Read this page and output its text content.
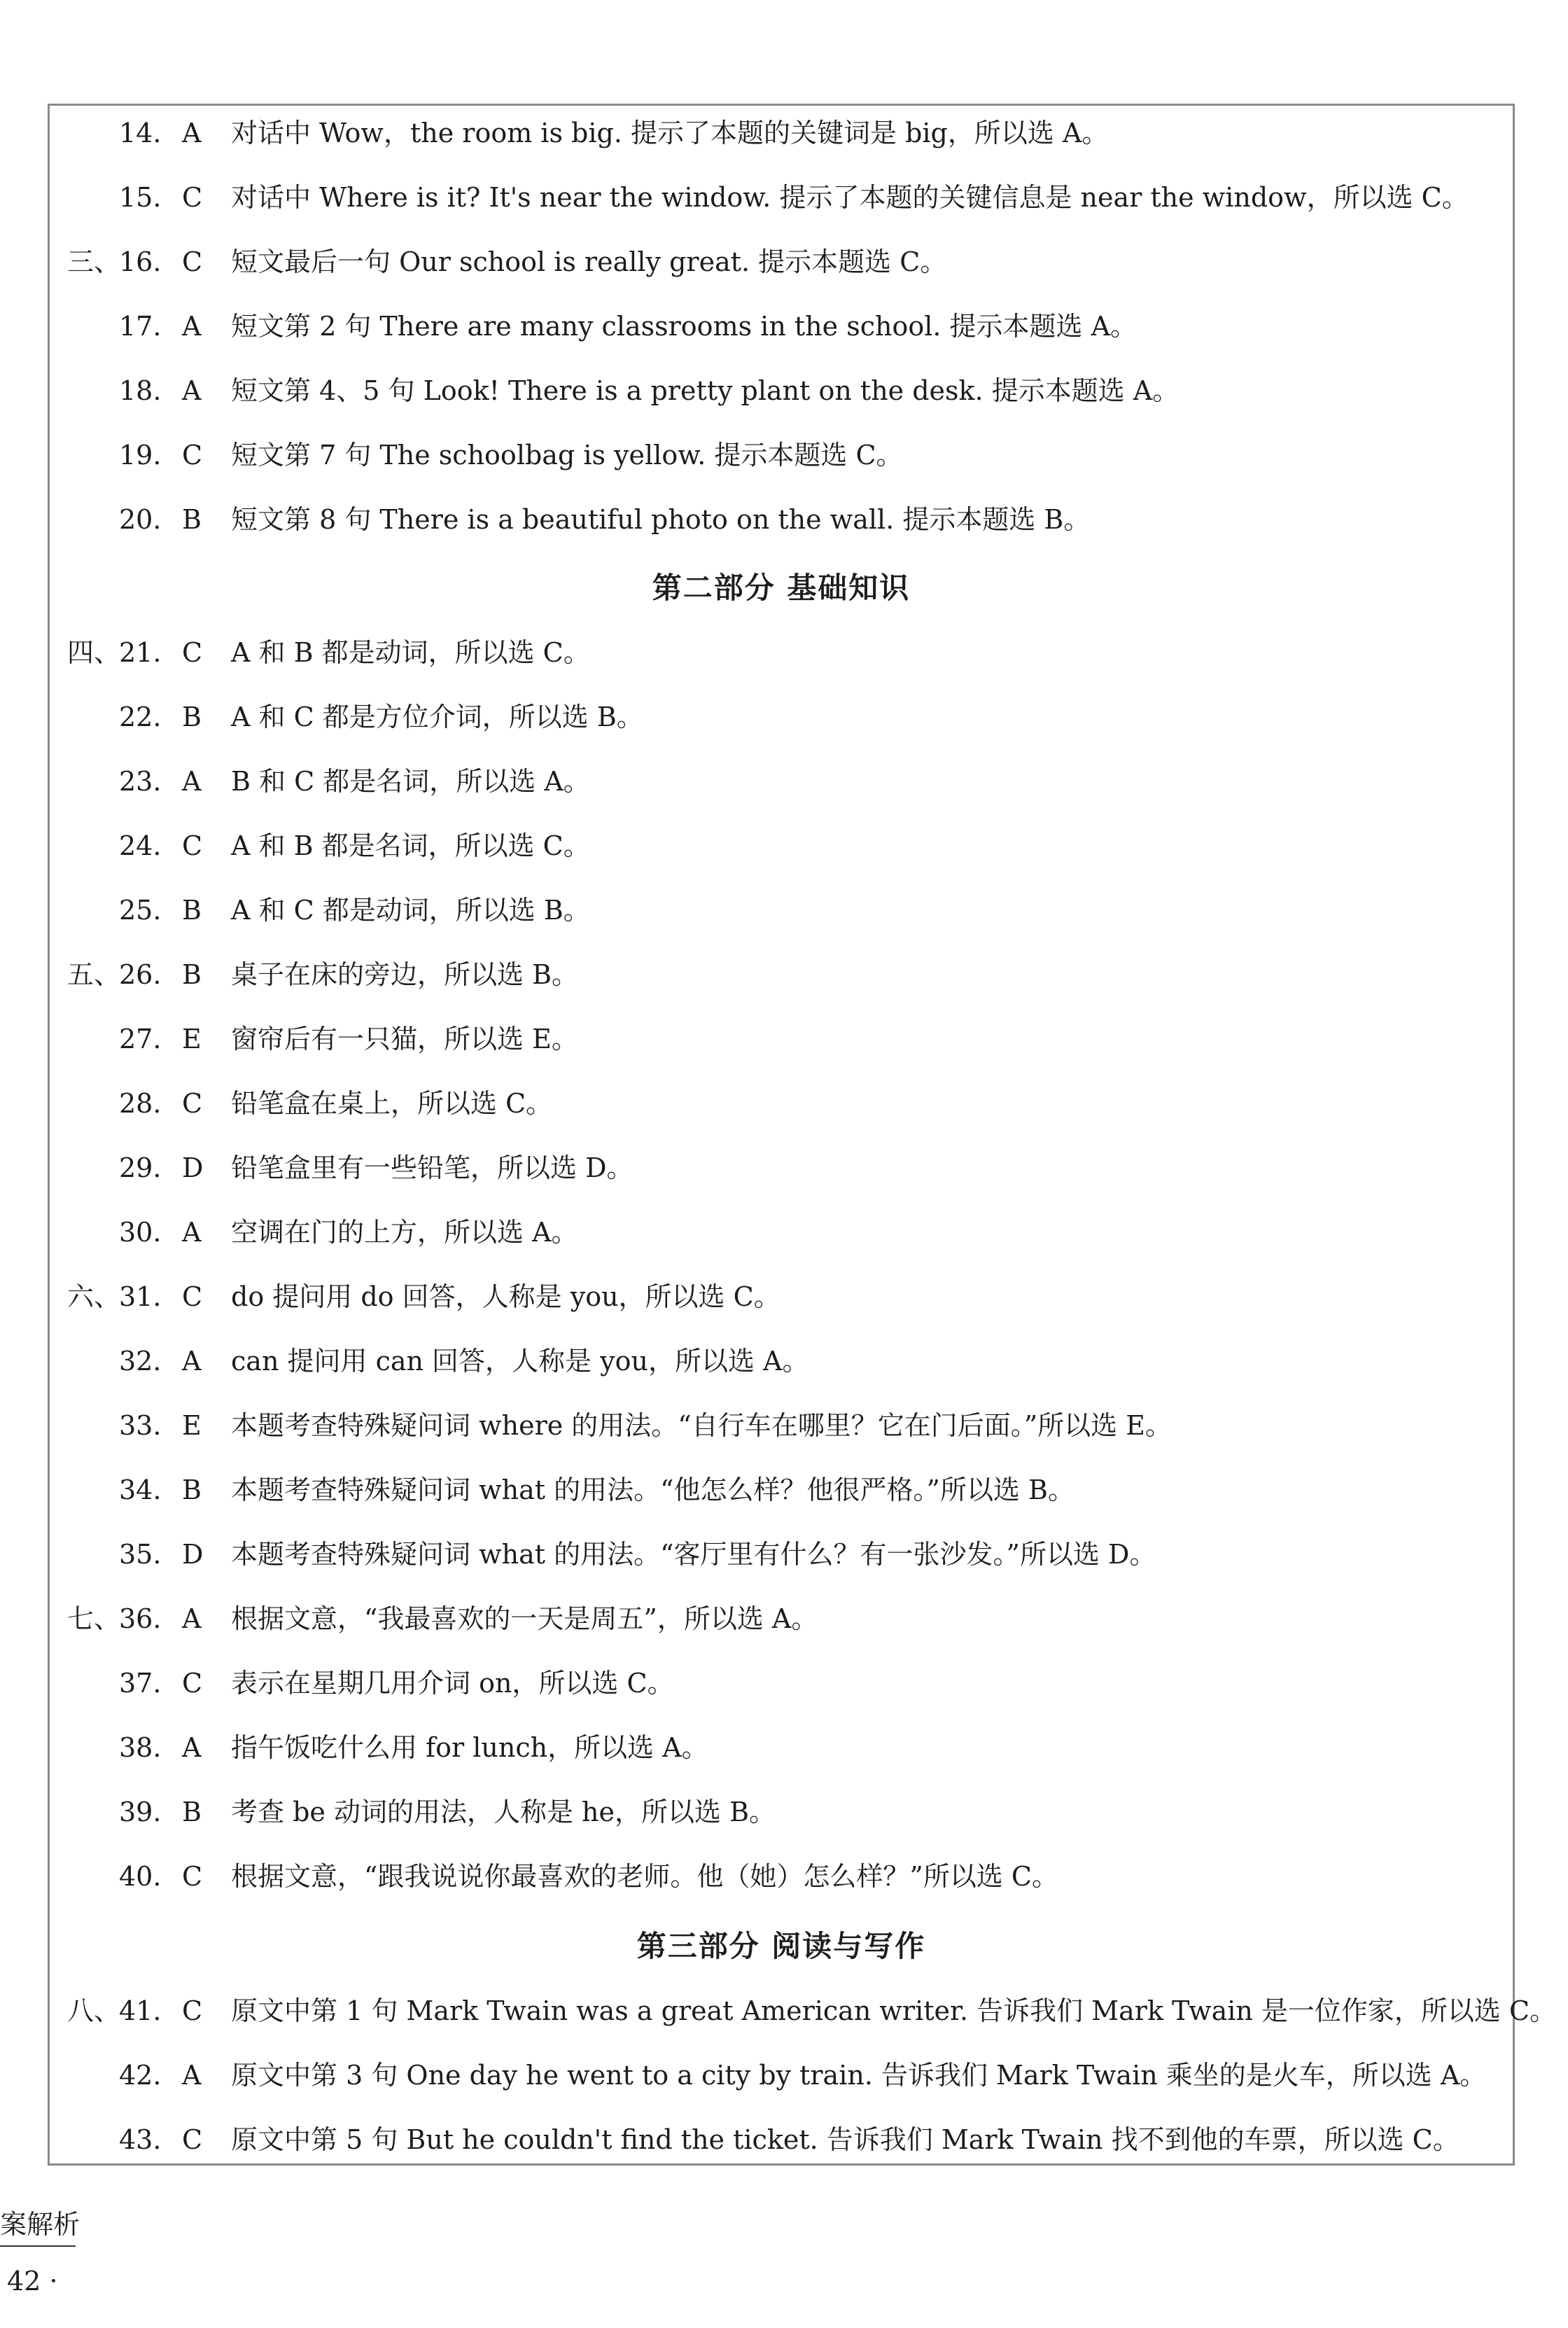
14. A	对话中 Wow，the room is big. 提示了本题的关键词是 big，所以选 A。
15. C 对话中 Where is it? It's near the window. 提示了本题的关键信息是 near the window，所以选 C。
三、
16. C 短文最后一句 Our school is really great. 提示本题选 C。
17. A	短文第 2 句 There are many classrooms in the school. 提示本题选 A。
18. A	短文第 4、5 句 Look! There is a pretty plant on the desk. 提示本题选 A。
19. C 短文第 7 句 The schoolbag is yellow. 提示本题选 C。
20. B	短文第 8 句 There is a beautiful photo on the wall. 提示本题选 B。
四、
21. C A 和 B 都是动词，所以选 C。
22. B	A 和 C 都是方位介词，所以选 B。
23. A	B 和 C 都是名词，所以选 A。
24. C A 和 B 都是名词，所以选 C。
25. B	A 和 C 都是动词，所以选 B。
五、
26. B	桌子在床的旁边，所以选 B。
27. E	窗帘后有一只猫，所以选 E。
28. C 铅笔盒在桌上，所以选 C。
29. D 铅笔盒里有一些铅笔，所以选 D。
30. A	空调在门的上方，所以选 A。
六、
31. C do 提问用 do 回答，人称是 you，所以选 C。
32. A	can 提问用 can 回答，人称是 you，所以选 A。
33. E	本题考查特殊疑问词 where 的用法。“自行车在哪里？它在门后面。”所以选 E。
34. B	本题考查特殊疑问词 what 的用法。“他怎么样？他很严格。”所以选 B。
35. D 本题考查特殊疑问词 what 的用法。“客厅里有什么？有一张沙发。”所以选 D。
七、
36. A	根据文意，“我最喜欢的一天是周五”，所以选 A。
37. C 表示在星期几用介词 on，所以选 C。
38. A	指午饭吃什么用 for lunch，所以选 A。
39. B	考查 be 动词的用法，人称是 he，所以选 B。
40. C 根据文意，“跟我说说你最喜欢的老师。他（她）怎么样？”所以选 C。
八、
41. C 原文中第 1 句 Mark Twain was a great American writer. 告诉我们 Mark Twain 是一位作家，所以选 C。
42. A	原文中第 3 句 One day he went to a city by train. 告诉我们 Mark Twain 乘坐的是火车，所以选 A。
43. C 原文中第 5 句 But he couldn't find the ticket. 告诉我们 Mark Twain 找不到他的车票，所以选 C。
第二部分 基础知识
第三部分 阅读与写作
案解析
42 ·
